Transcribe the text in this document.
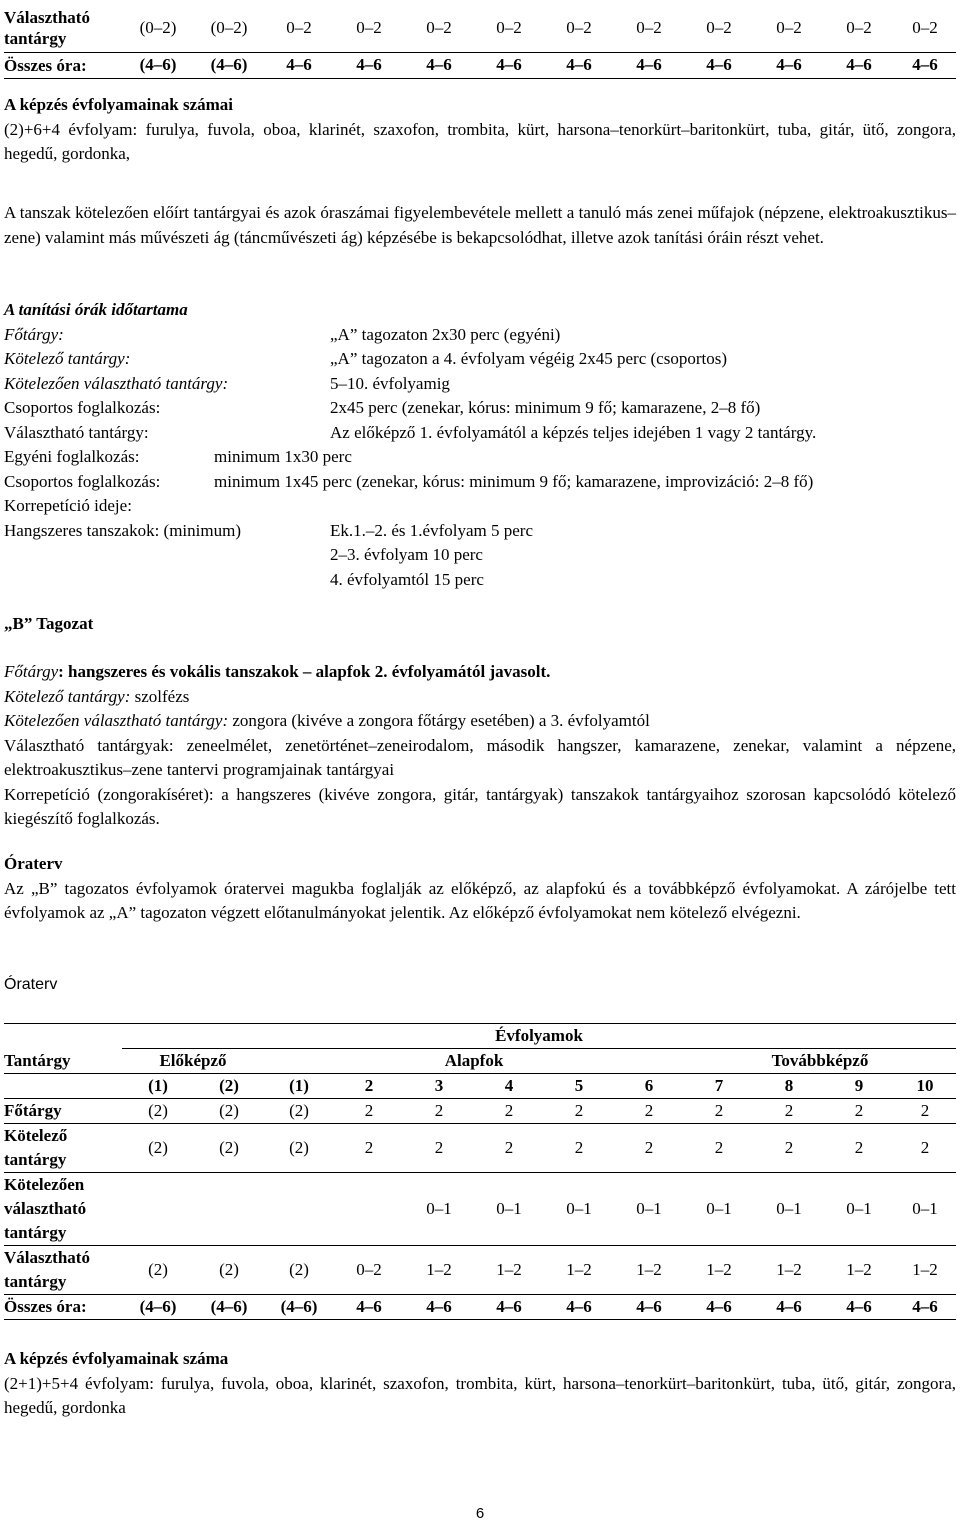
Választható tantárgy	(0–2)	(0–2)	0–2	0–2	0–2	0–2	0–2	0–2	0–2	0–2	0–2	0–2
Összes óra:	(4–6)	(4–6)	4–6	4–6	4–6	4–6	4–6	4–6	4–6	4–6	4–6	4–6
A képzés évfolyamainak számai
(2)+6+4 évfolyam: furulya, fuvola, oboa, klarinét, szaxofon, trombita, kürt, harsona–tenorkürt–baritonkürt, tuba, gitár, ütő, zongora, hegedű, gordonka,
A tanszak kötelezően előírt tantárgyai és azok óraszámai figyelembevétele mellett a tanuló más zenei műfajok (népzene, elektroakusztikus–zene) valamint más művészeti ág (táncművészeti ág) képzésébe is bekapcsolódhat, illetve azok tanítási óráin részt vehet.
A tanítási órák időtartama
Főtárgy:	„A” tagozaton 2x30 perc (egyéni)
Kötelező tantárgy:	„A” tagozaton a 4. évfolyam végéig 2x45 perc (csoportos)
Kötelezően választható tantárgy:	5–10. évfolyamig
Csoportos foglalkozás:	2x45 perc (zenekar, kórus: minimum 9 fő; kamarazene, 2–8 fő)
Választható tantárgy:	Az előképző 1. évfolyamától a képzés teljes idejében 1 vagy 2 tantárgy.
Egyéni foglalkozás:	minimum 1x30 perc
Csoportos foglalkozás:	minimum 1x45 perc (zenekar, kórus: minimum 9 fő; kamarazene, improvizáció: 2–8 fő)
Korrepetíció ideje:
Hangszeres tanszakok: (minimum)	Ek.1.–2. és 1.évfolyam 5 perc
2–3. évfolyam 10 perc
4. évfolyamtól 15 perc
„B” Tagozat
Főtárgy: hangszeres és vokális tanszakok – alapfok 2. évfolyamától javasolt.
Kötelező tantárgy: szolfézs
Kötelezően választható tantárgy: zongora (kivéve a zongora főtárgy esetében) a 3. évfolyamtól
Választható tantárgyak: zeneelmélet, zenetörténet–zeneirodalom, második hangszer, kamarazene, zenekar, valamint a népzene, elektroakusztikus–zene tantervi programjainak tantárgyai
Korrepetíció (zongorakíséret): a hangszeres (kivéve zongora, gitár, tantárgyak) tanszakok tantárgyaihoz szorosan kapcsolódó kötelező kiegészítő foglalkozás.
Óraterv
Az „B” tagozatos évfolyamok óratervei magukba foglalják az előképző, az alapfokú és a továbbképző évfolyamokat. A zárójelbe tett évfolyamok az „A” tagozaton végzett előtanulmányokat jelentik. Az előképző évfolyamokat nem kötelező elvégezni.
Óraterv
	Évfolyamok											
Tantárgy	Előképző		Alapfok						Továbbképző			
	(1)	(2)	(1)	2	3	4	5	6	7	8	9	10
Főtárgy	(2)	(2)	(2)	2	2	2	2	2	2	2	2	2
Kötelező tantárgy	(2)	(2)	(2)	2	2	2	2	2	2	2	2	2
Kötelezően választható tantárgy					0–1	0–1	0–1	0–1	0–1	0–1	0–1	0–1
Választható tantárgy	(2)	(2)	(2)	0–2	1–2	1–2	1–2	1–2	1–2	1–2	1–2	1–2
Összes óra:	(4–6)	(4–6)	(4–6)	4–6	4–6	4–6	4–6	4–6	4–6	4–6	4–6	4–6
A képzés évfolyamainak száma
(2+1)+5+4 évfolyam: furulya, fuvola, oboa, klarinét, szaxofon, trombita, kürt, harsona–tenorkürt–baritonkürt, tuba, ütő, gitár, zongora, hegedű, gordonka
6
